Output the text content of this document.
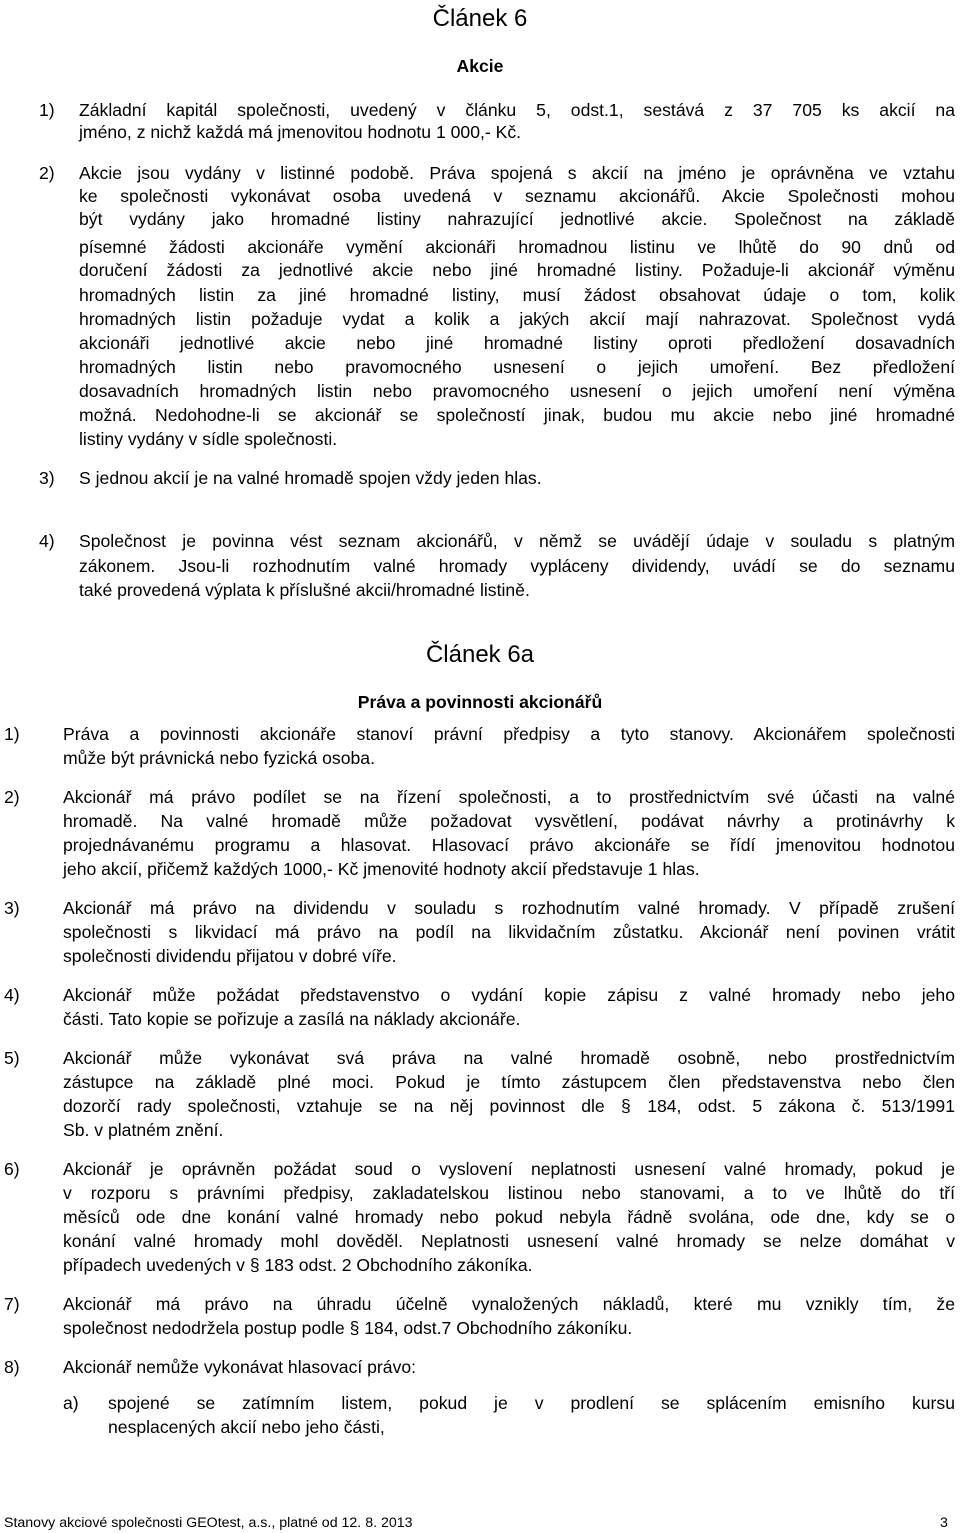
Článek 6
Akcie
1) Základní kapitál společnosti, uvedený v článku 5, odst.1, sestává z 37 705 ks akcií na
jméno, z nichž každá má jmenovitou hodnotu 1 000,- Kč.
2) Akcie jsou vydány v listinné podobě. Práva spojená s akcií na jméno je oprávněna ve vztahu
ke společnosti vykonávat osoba uvedená v seznamu akcionářů. Akcie Společnosti mohou
být vydány jako hromadné listiny nahrazující jednotlivé akcie. Společnost na základě
písemné žádosti akcionáře vymění akcionáři hromadnou listinu ve lhůtě do 90 dnů od
doručení žádosti za jednotlivé akcie nebo jiné hromadné listiny. Požaduje-li akcionář výměnu
hromadných listin za jiné hromadné listiny, musí žádost obsahovat údaje o tom, kolik
hromadných listin požaduje vydat a kolik a jakých akcií mají nahrazovat. Společnost vydá
akcionáři jednotlivé akcie nebo jiné hromadné listiny oproti předložení dosavadních
hromadných listin nebo pravomocného usnesení o jejich umoření. Bez předložení
dosavadních hromadných listin nebo pravomocného usnesení o jejich umoření není výměna
možná. Nedohodne-li se akcionář se společností jinak, budou mu akcie nebo jiné hromadné
listiny vydány v sídle společnosti.
3) S jednou akcií je na valné hromadě spojen vždy jeden hlas.
4) Společnost je povinna vést seznam akcionářů, v němž se uvádějí údaje v souladu s platným
zákonem. Jsou-li rozhodnutím valné hromady vypláceny dividendy, uvádí se do seznamu
také provedená výplata k příslušné akcii/hromadné listině.
Článek 6a
Práva a povinnosti akcionářů
1) Práva a povinnosti akcionáře stanoví právní předpisy a tyto stanovy. Akcionářem společnosti
může být právnická nebo fyzická osoba.
2) Akcionář má právo podílet se na řízení společnosti, a to prostřednictvím své účasti na valné
hromadě. Na valné hromadě může požadovat vysvětlení, podávat návrhy a protinávrhy k
projednávanému programu a hlasovat. Hlasovací právo akcionáře se řídí jmenovitou hodnotou
jeho akcií, přičemž každých 1000,- Kč jmenovité hodnoty akcií představuje 1 hlas.
3) Akcionář má právo na dividendu v souladu s rozhodnutím valné hromady. V případě zrušení
společnosti s likvidací má právo na podíl na likvidačním zůstatku. Akcionář není povinen vrátit
společnosti dividendu přijatou v dobré víře.
4) Akcionář může požádat představenstvo o vydání kopie zápisu z valné hromady nebo jeho
části. Tato kopie se pořizuje a zasílá na náklady akcionáře.
5) Akcionář může vykonávat svá práva na valné hromadě osobně, nebo prostřednictvím
zástupce na základě plné moci. Pokud je tímto zástupcem člen představenstva nebo člen
dozorčí rady společnosti, vztahuje se na něj povinnost dle § 184, odst. 5 zákona č. 513/1991
Sb. v platném znění.
6) Akcionář je oprávněn požádat soud o vyslovení neplatnosti usnesení valné hromady, pokud je
v rozporu s právními předpisy, zakladatelskou listinou nebo stanovami, a to ve lhůtě do tří
měsíců ode dne konání valné hromady nebo pokud nebyla řádně svolána, ode dne, kdy se o
konání valné hromady mohl dověděl. Neplatnosti usnesení valné hromady se nelze domáhat v
případech uvedených v § 183 odst. 2 Obchodního zákoníka.
7) Akcionář má právo na úhradu účelně vynaložených nákladů, které mu vznikly tím, že
společnost nedodržela postup podle § 184, odst.7 Obchodního zákoníku.
8) Akcionář nemůže vykonávat hlasovací právo:
a) spojené se zatímním listem, pokud je v prodlení se splácením emisního kursu
nesplacených akcií nebo jeho části,
Stanovy akciové společnosti GEOtest, a.s., platné od 12. 8. 2013	3
